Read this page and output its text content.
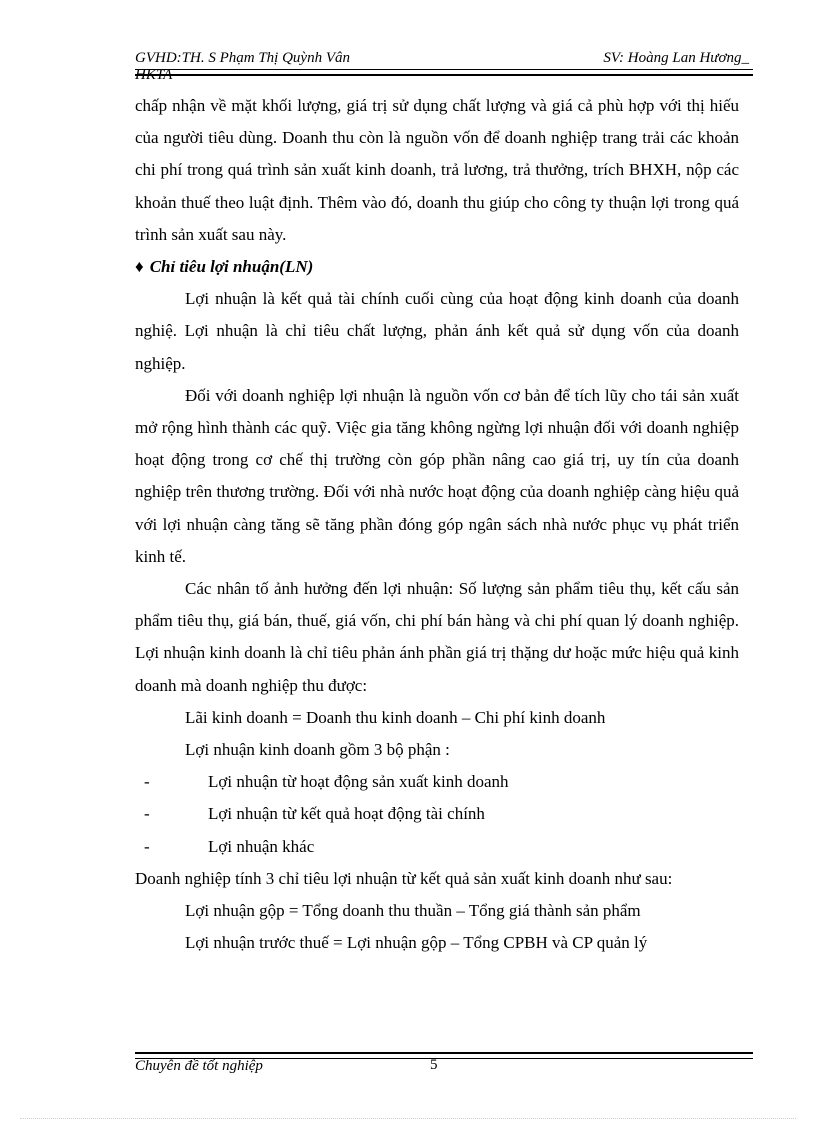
GVHD:TH. S Phạm Thị Quỳnh Vân	SV: Hoàng Lan Hương_
HKTA

chấp nhận về mặt khối lượng, giá trị sử dụng chất lượng và giá cả phù hợp với thị hiếu của người tiêu dùng. Doanh thu còn là nguồn vốn để doanh nghiệp trang trải các khoản chi phí trong quá trình sản xuất kinh doanh, trả lương, trả thưởng, trích BHXH, nộp các khoản thuế theo luật định. Thêm vào đó, doanh thu giúp cho công ty thuận lợi trong quá trình sản xuất sau này.

♦ Chỉ tiêu lợi nhuận(LN)

Lợi nhuận là kết quả tài chính cuối cùng của hoạt động kinh doanh của doanh nghiệ. Lợi nhuận là chỉ tiêu chất lượng, phản ánh kết quả sử dụng vốn của doanh nghiệp.

Đối với doanh nghiệp lợi nhuận là nguồn vốn cơ bản để tích lũy cho tái sản xuất mở rộng hình thành các quỹ. Việc gia tăng không ngừng lợi nhuận đối với doanh nghiệp hoạt động trong cơ chế thị trường còn góp phần nâng cao giá trị, uy tín của doanh nghiệp trên thương trường. Đối với nhà nước hoạt động của doanh nghiệp càng hiệu quả với lợi nhuận càng tăng sẽ tăng phần đóng góp ngân sách nhà nước phục vụ phát triển kinh tế.

Các nhân tố ảnh hưởng đến lợi nhuận: Số lượng sản phẩm tiêu thụ, kết cấu sản phẩm tiêu thụ, giá bán, thuế, giá vốn, chi phí bán hàng và chi phí quan lý doanh nghiệp. Lợi nhuận kinh doanh là chỉ tiêu phản ánh phần giá trị thặng dư hoặc mức hiệu quả kinh doanh mà doanh nghiệp thu được:

Lãi kinh doanh = Doanh thu kinh doanh – Chi phí kinh doanh

Lợi nhuận kinh doanh gồm 3 bộ phận :

-	Lợi nhuận từ hoạt động sản xuất kinh doanh

-	Lợi nhuận từ kết quả hoạt động tài chính

-	Lợi nhuận khác

Doanh nghiệp tính 3 chỉ tiêu lợi nhuận từ kết quả sản xuất kinh doanh như sau:

Lợi nhuận gộp = Tổng doanh thu thuần – Tổng giá thành sản phẩm

Lợi nhuận trước thuế = Lợi nhuận gộp – Tổng CPBH và CP quản lý

Chuyên đề tốt nghiệp	5
